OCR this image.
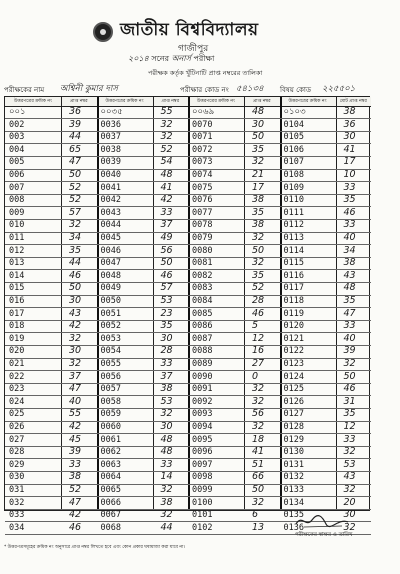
জাতীয় বিশ্ববিদ্যালয়
গাজীপুর
২০১৪ সনের অনার্স পরীক্ষা
পরীক্ষক কর্তৃক খুঁটিনাটি প্রাপ্ত নম্বরের তালিকা
পরীক্ষকের নাম অশ্বিনী কুমার দাস	পরীক্ষার কোড নং ৫৪১৩৪ বিষয় কোড ২২৫৫০১
উত্তরপত্রের ক্রমিক নং	প্রাপ্ত নম্বর
০০১	36
002	39
003	44
004	65
005	47
006	50
007	52
008	52
009	57
010	32
011	34
012	35
013	44
014	46
015	50
016	30
017	43
018	42
019	32
020	30
021	32
022	37
023	47
024	40
025	55
026	42
027	45
028	39
029	33
030	38
031	52
032	47
033	42
034	46
উত্তরপত্রের ক্রমিক নং	প্রাপ্ত নম্বর
০০৩৫	55
0036	32
0037	32
0038	52
0039	54
0040	48
0041	41
0042	42
0043	33
0044	37
0045	49
0046	56
0047	50
0048	46
0049	57
0050	53
0051	23
0052	35
0053	30
0054	28
0055	33
0056	37
0057	38
0058	53
0059	32
0060	30
0061	48
0062	48
0063	33
0064	14
0065	32
0066	38
0067	32
0068	44
উত্তরপত্রের ক্রমিক নং	প্রাপ্ত নম্বর
০০৬৯	48
0070	30
0071	50
0072	35
0073	32
0074	21
0075	17
0076	38
0077	35
0078	38
0079	32
0080	50
0081	32
0082	35
0083	52
0084	28
0085	46
0086	5
0087	12
0088	16
0089	27
0090	0
0091	32
0092	32
0093	56
0094	32
0095	18
0096	41
0097	51
0098	66
0099	50
0100	32
0101	6
0102	13
উত্তরপত্রের ক্রমিক নং	মোট প্রাপ্ত নম্বর
০১০৩	38
0104	36
0105	30
0106	41
0107	17
0108	10
0109	33
0110	35
0111	46
0112	33
0113	40
0114	34
0115	38
0116	43
0117	48
0118	35
0119	47
0120	33
0121	40
0122	39
0123	32
0124	50
0125	46
0126	31
0127	35
0128	12
0129	33
0130	32
0131	53
0132	43
0133	32
0134	20
0135	30
0136	32
পরীক্ষকের স্বাক্ষর ও তারিখ
* উত্তরপত্রসমূহের ক্রমিক নং অনুসারে প্রাপ্ত নম্বর লিখতে হবে এবং কোন প্রকার ঘষামাজা করা যাবে না।
